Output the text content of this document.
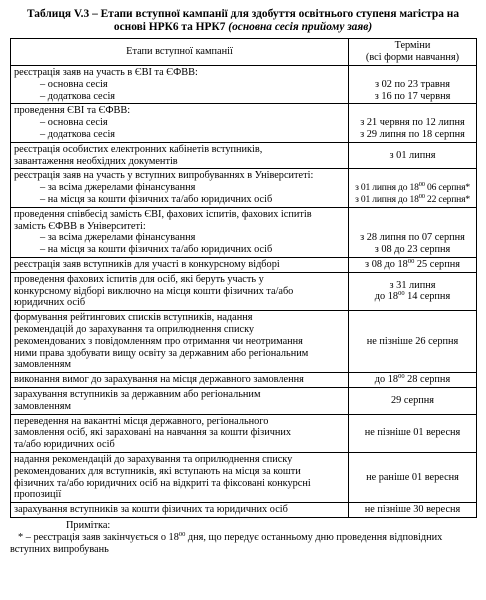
Таблиця V.3 – Етапи вступної кампанії для здобуття освітнього ступеня магістра на основі НРК6 та НРК7 (основна сесія прийому заяв)
Етапи вступної кампанії	Терміни
(всі форми навчання)

реєстрація заяв на участь в ЄВІ та ЄФВВ:
– основна сесія
– додаткова сесія	з 02 по 23 травня
з 16 по 17 червня

проведення ЄВІ та ЄФВВ:
– основна сесія
– додаткова сесія	з 21 червня по 12 липня
з 29 липня по 18 серпня

реєстрація особистих електронних кабінетів вступників,
завантаження необхідних документів	з 01 липня

реєстрація заяв на участь у вступних випробуваннях в Університеті:
– за всіма джерелами фінансування
– на місця за кошти фізичних та/або юридичних осіб	з 01 липня до $18^{00}$ 06 серпня*
з 01 липня до $18^{00}$ 22 серпня*

проведення співбесід замість ЄВІ, фахових іспитів, фахових іспитів
замість ЄФВВ в Університеті:
– за всіма джерелами фінансування
– на місця за кошти фізичних та/або юридичних осіб	з 28 липня по 07 серпня
з 08 до 23 серпня

реєстрація заяв вступників для участі в конкурсному відборі	з 08 до $18^{00}$ 25 серпня

проведення фахових іспитів для осіб, які беруть участь у
конкурсному відборі виключно на місця кошти фізичних та/або
юридичних осіб	з 31 липня
до $18^{00}$ 14 серпня

формування рейтингових списків вступників, надання
рекомендацій до зарахування та оприлюднення списку
рекомендованих з повідомленням про отримання чи неотримання
ними права здобувати вищу освіту за державним або регіональним
замовленням	не пізніше 26 серпня
виконання вимог до зарахування на місця державного замовлення	до $18^{00}$ 28 серпня

зарахування вступників за державним або регіональним
замовленням	29 серпня

переведення на вакантні місця державного, регіонального
замовлення осіб, які зараховані на навчання за кошти фізичних
та/або юридичних осіб	не пізніше 01 вересня

надання рекомендацій до зарахування та оприлюднення списку
рекомендованих для вступників, які вступають на місця за кошти
фізичних та/або юридичних осіб на відкриті та фіксовані конкурсні
пропозиції	не раніше 01 вересня
зарахування вступників за кошти фізичних та юридичних осіб	не пізніше 30 вересня
Примітка:
* – реєстрація заяв закінчується о $18^{00}$ дня, що передує останньому дню проведення відповідних
вступних випробувань
